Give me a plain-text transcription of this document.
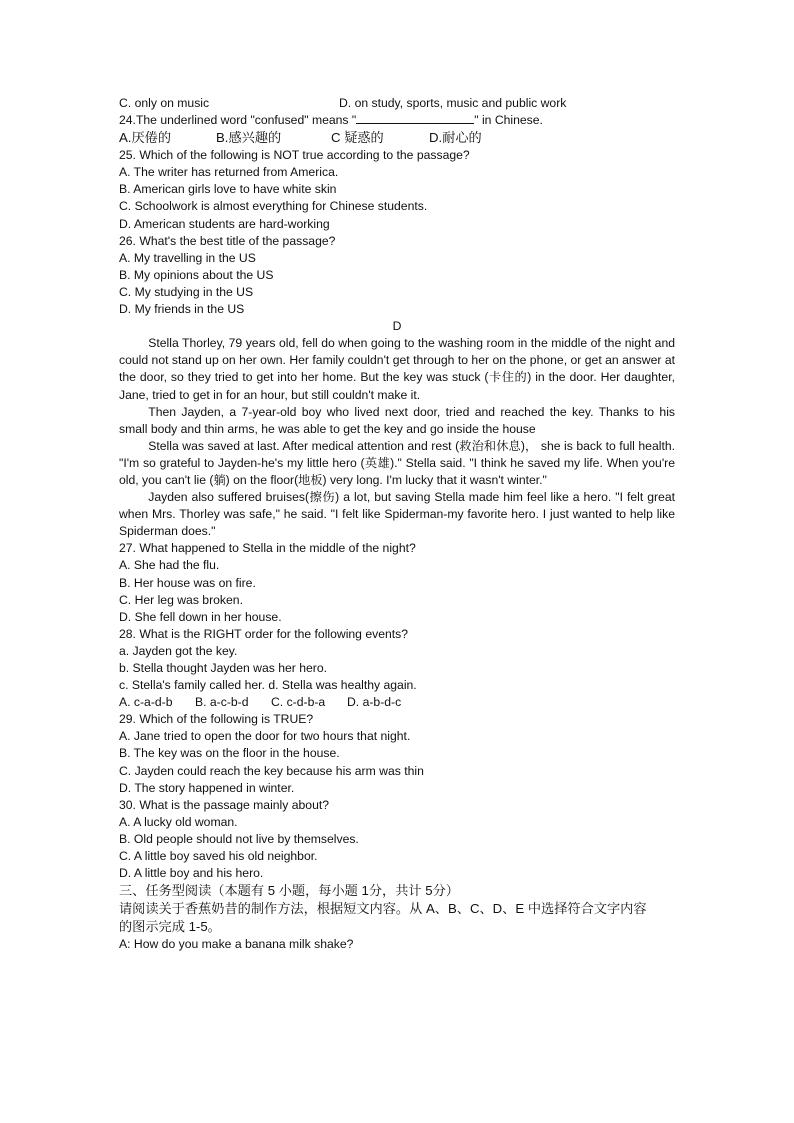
C. only on music	D. on study, sports, music and public work
24.The underlined word "confused" means "	" in Chinese.
A.厌倦的	B.感兴趣的	C 疑惑的	D.耐心的
25. Which of the following is NOT true according to the passage?
A. The writer has returned from America.
B. American girls love to have white skin
C. Schoolwork is almost everything for Chinese students.
D. American students are hard-working
26. What's the best title of the passage?
A. My travelling in the US
B. My opinions about the US
C. My studying in the US
D. My friends in the US
D
Stella Thorley, 79 years old, fell do when going to the washing room in the middle of the night and could not stand up on her own. Her family couldn't get through to her on the phone, or get an answer at the door, so they tried to get into her home. But the key was stuck (卡住的) in the door. Her daughter, Jane, tried to get in for an hour, but still couldn't make it.
Then Jayden, a 7-year-old boy who lived next door, tried and reached the key. Thanks to his small body and thin arms, he was able to get the key and go inside the house
Stella was saved at last. After medical attention and rest (救治和休息)， she is back to full health. "I'm so grateful to Jayden-he's my little hero (英雄)." Stella said. "I think he saved my life. When you're old, you can't lie (躺) on the floor(地板) very long. I'm lucky that it wasn't winter."
Jayden also suffered bruises(擦伤) a lot, but saving Stella made him feel like a hero. "I felt great when Mrs. Thorley was safe," he said. "I felt like Spiderman-my favorite hero. I just wanted to help like Spiderman does."
27. What happened to Stella in the middle of the night?
A. She had the flu.
B. Her house was on fire.
C. Her leg was broken.
D. She fell down in her house.
28. What is the RIGHT order for the following events?
a. Jayden got the key.
b. Stella thought Jayden was her hero.
c. Stella's family called her. d. Stella was healthy again.
A. c-a-d-b	B. a-c-b-d	C. c-d-b-a	D. a-b-d-c
29. Which of the following is TRUE?
A. Jane tried to open the door for two hours that night.
B. The key was on the floor in the house.
C. Jayden could reach the key because his arm was thin
D. The story happened in winter.
30. What is the passage mainly about?
A. A lucky old woman.
B. Old people should not live by themselves.
C. A little boy saved his old neighbor.
D. A little boy and his hero.
三、任务型阅读（本题有 5 小题，每小题 1分，共计 5分）
请阅读关于香蕉奶昔的制作方法，根据短文内容。从 A、B、C、D、E 中选择符合文字内容
的图示完成 1-5。
A: How do you make a banana milk shake?
